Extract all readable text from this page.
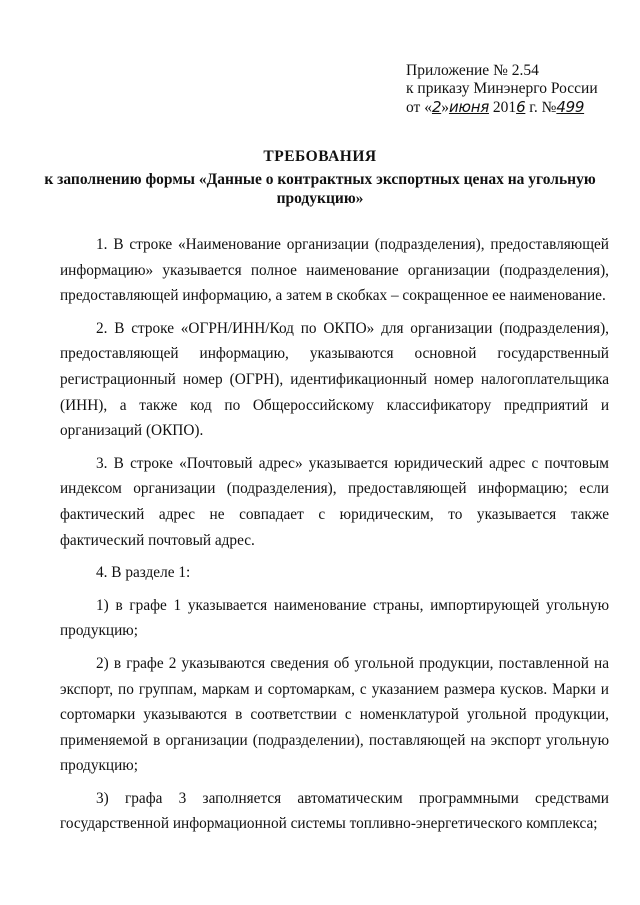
Приложение № 2.54
к приказу Минэнерго России
от «2»июня 2016 г. №499
ТРЕБОВАНИЯ
к заполнению формы «Данные о контрактных экспортных ценах на угольную продукцию»

1. В строке «Наименование организации (подразделения), предоставляющей информацию» указывается полное наименование организации (подразделения), предоставляющей информацию, а затем в скобках – сокращенное ее наименование.

2. В строке «ОГРН/ИНН/Код по ОКПО» для организации (подразделения), предоставляющей информацию, указываются основной государственный регистрационный номер (ОГРН), идентификационный номер налогоплательщика (ИНН), а также код по Общероссийскому классификатору предприятий и организаций (ОКПО).

3. В строке «Почтовый адрес» указывается юридический адрес с почтовым индексом организации (подразделения), предоставляющей информацию; если фактический адрес не совпадает с юридическим, то указывается также фактический почтовый адрес.

4. В разделе 1:

1) в графе 1 указывается наименование страны, импортирующей угольную продукцию;

2) в графе 2 указываются сведения об угольной продукции, поставленной на экспорт, по группам, маркам и сортомаркам, с указанием размера кусков. Марки и сортомарки указываются в соответствии с номенклатурой угольной продукции, применяемой в организации (подразделении), поставляющей на экспорт угольную продукцию;

3) графа 3 заполняется автоматическим программными средствами государственной информационной системы топливно-энергетического комплекса;
